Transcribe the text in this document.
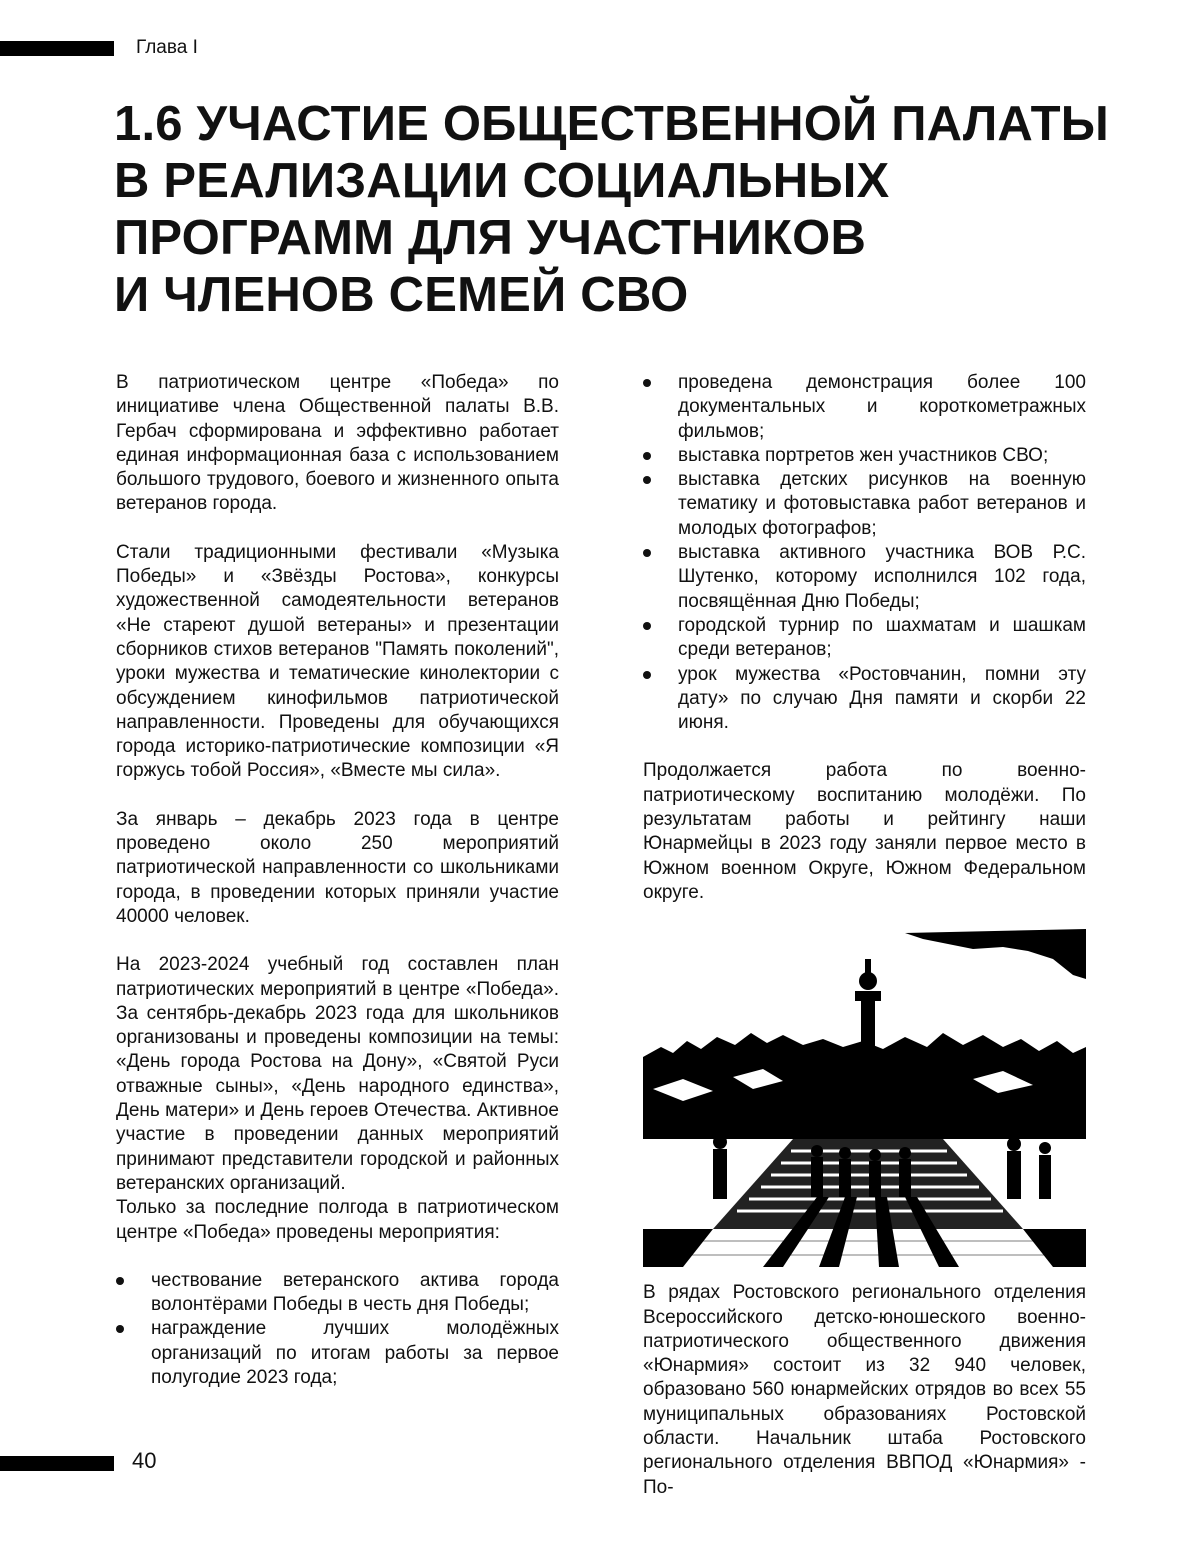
Глава I
1.6 УЧАСТИЕ ОБЩЕСТВЕННОЙ ПАЛАТЫ
В РЕАЛИЗАЦИИ СОЦИАЛЬНЫХ
ПРОГРАММ ДЛЯ УЧАСТНИКОВ
И ЧЛЕНОВ СЕМЕЙ СВО

В патриотическом центре «Победа» по инициативе члена Общественной палаты В.В. Гербач сформирована и эффективно работает единая информационная база с использованием большого трудового, боевого и жизненного опыта ветеранов города.

Стали традиционными фестивали «Музыка Победы» и «Звёзды Ростова», конкурсы художественной самодеятельности ветеранов «Не стареют душой ветераны» и презентации сборников стихов ветеранов "Память поколений", уроки мужества и тематические кинолектории с обсуждением кинофильмов патриотической направленности. Проведены для обучающихся города историко-патриотические композиции «Я горжусь тобой Россия», «Вместе мы сила».

За январь – декабрь 2023 года в центре проведено около 250 мероприятий патриотической направленности со школьниками города, в проведении которых приняли участие 40000 человек.

На 2023-2024 учебный год составлен план патриотических мероприятий в центре «Победа». За сентябрь-декабрь 2023 года для школьников организованы и проведены композиции на темы: «День города Ростова на Дону», «Святой Руси отважные сыны», «День народного единства», День матери» и День героев Отечества. Активное участие в проведении данных мероприятий принимают представители городской и районных ветеранских организаций.

Только за последние полгода в патриотическом центре «Победа» проведены мероприятия:

чествование ветеранского актива города волонтёрами Победы в честь дня Победы;
награждение лучших молодёжных организаций по итогам работы за первое полугодие 2023 года;
проведена демонстрация более 100 документальных и короткометражных фильмов;
выставка портретов жен участников СВО;
выставка детских рисунков на военную тематику и фотовыставка работ ветеранов и молодых фотографов;
выставка активного участника ВОВ Р.С. Шутенко, которому исполнился 102 года, посвящённая Дню Победы;
городской турнир по шахматам и шашкам среди ветеранов;
урок мужества «Ростовчанин, помни эту дату» по случаю Дня памяти и скорби 22 июня.

Продолжается работа по военно-патриотическому воспитанию молодёжи. По результатам работы и рейтингу наши Юнармейцы в 2023 году заняли первое место в Южном военном Округе, Южном Федеральном округе.

В рядах Ростовского регионального отделения Всероссийского детско-юношеского военно-патриотического общественного движения «Юнармия» состоит из 32 940 человек, образовано 560 юнармейских отрядов во всех 55 муниципальных образованиях Ростовской области. Начальник штаба Ростовского регионального отделения ВВПОД «Юнармия» - По-

40
